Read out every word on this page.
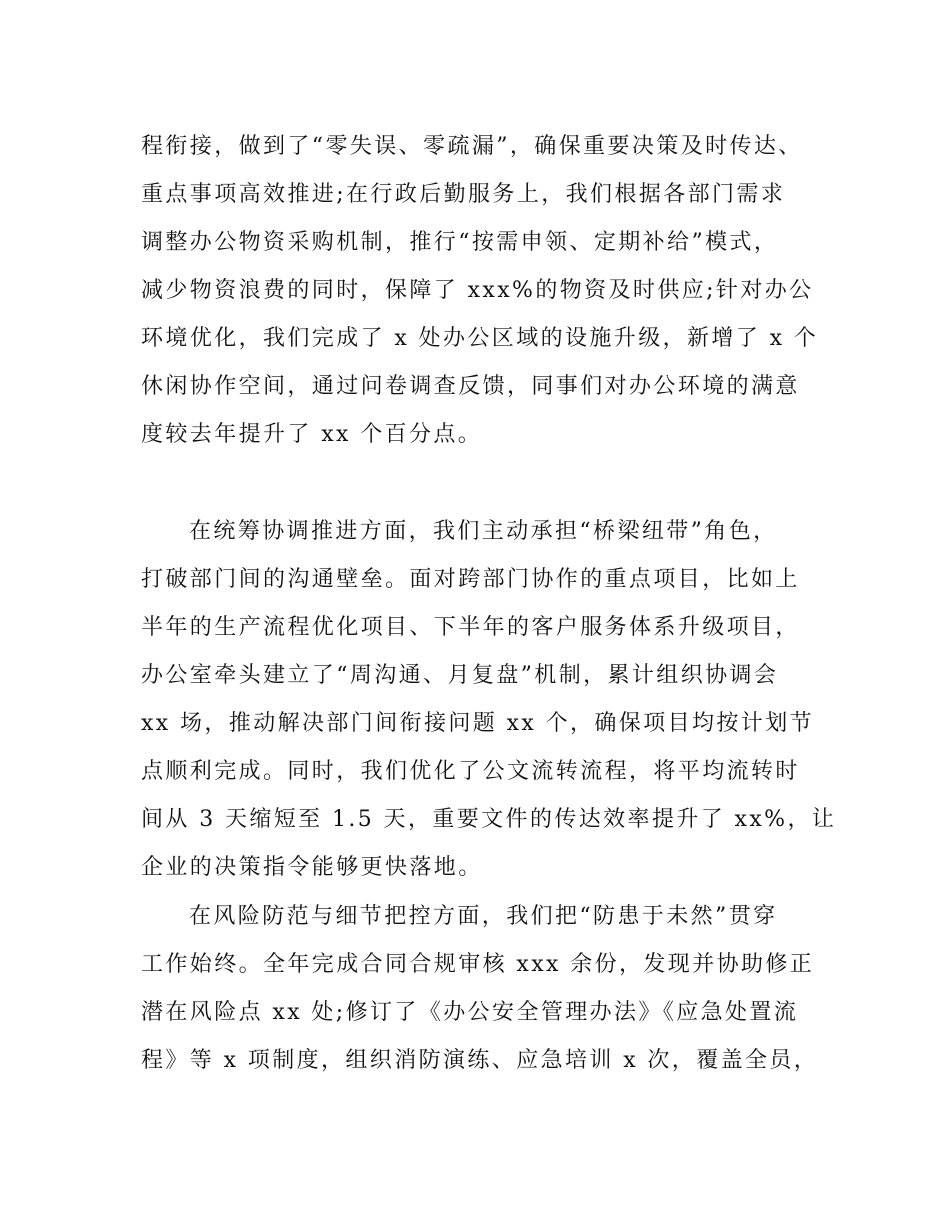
程衔接，做到了“零失误、零疏漏”，确保重要决策及时传达、
重点事项高效推进;在行政后勤服务上，我们根据各部门需求
调整办公物资采购机制，推行“按需申领、定期补给”模式，
减少物资浪费的同时，保障了 xxx%的物资及时供应;针对办公
环境优化，我们完成了 x 处办公区域的设施升级，新增了 x 个
休闲协作空间，通过问卷调查反馈，同事们对办公环境的满意
度较去年提升了 xx 个百分点。
在统筹协调推进方面，我们主动承担“桥梁纽带”角色，
打破部门间的沟通壁垒。面对跨部门协作的重点项目，比如上
半年的生产流程优化项目、下半年的客户服务体系升级项目，
办公室牵头建立了“周沟通、月复盘”机制，累计组织协调会
xx 场，推动解决部门间衔接问题 xx 个，确保项目均按计划节
点顺利完成。同时，我们优化了公文流转流程，将平均流转时
间从 3 天缩短至 1.5 天，重要文件的传达效率提升了 xx%，让
企业的决策指令能够更快落地。
在风险防范与细节把控方面，我们把“防患于未然”贯穿
工作始终。全年完成合同合规审核 xxx 余份，发现并协助修正
潜在风险点 xx 处;修订了《办公安全管理办法》《应急处置流
程》等 x 项制度，组织消防演练、应急培训 x 次，覆盖全员，
